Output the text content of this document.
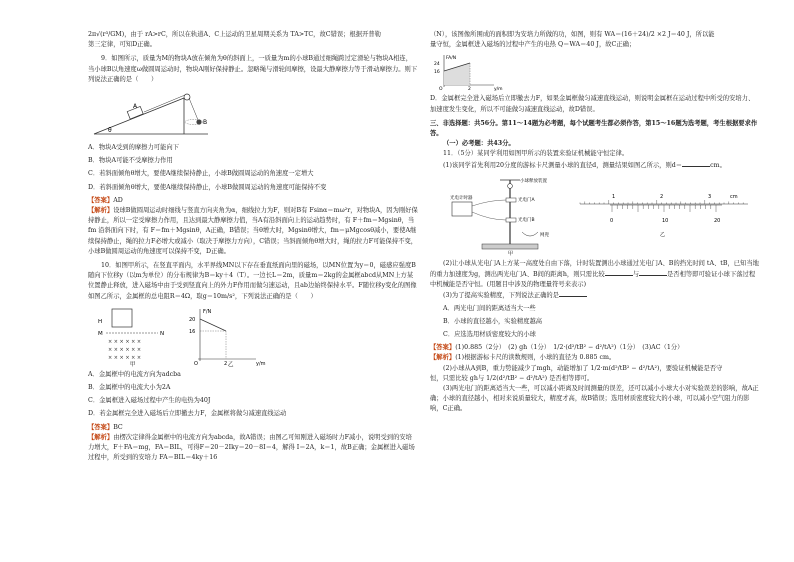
2π√(r³/GM)，由于 rA>rC，所以在轨道A、C上运动的卫星周期关系为 TA>TC，故C错误；根据开普勒

第三定律，可知D正确。

9．如图所示，质量为M的物块A放在倾角为θ的斜面上，一质量为m的小球B通过细绳跨过定滑轮与物块A相连，当小球B以角速度ω做圆周运动时，物块A刚好保持静止。忽略绳与滑轮间摩擦，设最大静摩擦力等于滑动摩擦力。则下列说法正确的是（　　）

A
B
θ

A．物块A受到的摩擦力可能向下

B．物块A可能不受摩擦力作用

C．若斜面倾角θ增大，要使A继续保持静止，小球B做圆周运动的角速度一定增大

D．若斜面倾角θ增大，要使A继续保持静止，小球B做圆周运动的角速度可能保持不变

【答案】AD

【解析】设球B做圆周运动时细线与竖直方向夹角为α，细线拉力为F，则对B有 Fsinα＝mω²r，对物块A，因为刚好保持静止，所以一定受摩擦力作用，且达到最大静摩擦力值，当A有沿斜面向上的运动趋势时，有 F＋fm＝Mgsinθ，当 fm 沿斜面向下时，有 F＝fm＋Mgsinθ，A正确，B错误；当θ增大时，Mgsinθ增大，fm＝μMgcosθ减小，要使A继续保持静止，绳的拉力F必增大或减小（取决于摩擦力方向），C错误；当斜面倾角θ增大时，绳的拉力F可能保持不变，小球B做圆周运动的角速度可以保持不变，D正确。

10．如图甲所示，在竖直平面内，水平界线MN以下存在垂直纸面向里的磁场，以MN位置为y＝0，磁感应强度B随向下位移y（以m为单位）的分布规律为B＝ky＋4（T）。一边长L＝2m，质量m＝2kg的金属框abcd从MN上方某位置静止释放，进入磁场中由于受到竖直向上的外力F作用而做匀速运动，且ab边始终保持水平。F随位移y变化的图像如图乙所示，金属框的总电阻R＝4Ω，取g＝10m/s²，下列说法正确的是（　　）

M	N
H
× × × × × ×
× × × × × ×
× × × × × ×
甲
F/N
y/m
20
16
2
O	乙

A．金属框中的电流方向为adcba

B．金属框中的电流大小为2A

C．金属框进入磁场过程中产生的电热为40J

D．若金属框完全进入磁场后立即撤去力F，金属框将做匀减速直线运动

【答案】BC

【解析】由楞次定律得金属框中的电流方向为abcda，故A错误；由图乙可知刚进入磁场时力F减小，说明受到的安培力增大，F＋FA＝mg，FA＝BIL，可得F＝20－2Iky＝20－8I＝4，解得 I＝2A，k＝1，故B正确；金属框进入磁场过程中，所受到的安培力 FA＝BIL＝4ky＋16

（N），该图像所围成的面积即为安培力所做的功，如图，则有 WA＝(16＋24)/2 ×2 J＝40 J，所以能

量守恒，金属框进入磁场的过程中产生的电热 Q＝WA＝40 J，故C正确；

FA/N
y/m
24
16
2
O

D．金属框完全进入磁场后立即撤去力F，如果金属框做匀减速直线运动，则说明金属框在运动过程中所受的安培力、加速度发生变化，所以不可能做匀减速直线运动，故D错误。

三、非选择题：共56分。第11～14题为必考题，每个试题考生都必须作答，第15～16题为选考题，考生根据要求作答。

（一）必考题：共43分。

11．（5分）某同学利用如图甲所示的装置来验证机械能守恒定律。

(1)该同学首先利用20分度的游标卡尺测量小球的直径d，测量结果如图乙所示，则d＝	cm。

小球释放装置
光电门A
光电门B
光电计时器
网兜
甲
1	2	3	cm
0	10	20
乙

(2)让小球从光电门A上方某一高度处自由下落，计时装置测出小球通过光电门A、B的挡光时间 tA、tB，已知当地的重力加速度为g，测出两光电门A、B间的距离h，则只需比较	与	是否相等即可验证小球下落过程中机械能是否守恒。(用题目中涉及的物理量符号来表示)

(3)为了提高实验精度，下列说法正确的是

A．两光电门间的距离适当大一些

B．小球的直径越小，实验精度越高

C．应选选用材质密度较大的小球

【答案】(1)0.885（2分）　(2) gh（1分）　1/2·(d²/tB² − d²/tA²)（1分）　(3)AC（1分）

【解析】(1)根据游标卡尺的读数规则，小球的直径为 0.885 cm。

(2)小球从A到B，重力势能减少了mgh，动能增加了 1/2·m(d²/tB² − d²/tA²)，要验证机械能是否守

恒，只需比较 gh与 1/2(d²/tB² − d²/tA²) 是否相等即可。

(3)两光电门的距离适当大一些，可以减小距离及时间测量的误差，还可以减小小球大小对实验误差的影响，故A正确；小球的直径越小，相对来说质量较大，精度才高，故B错误；选用材质密度较大的小球，可以减小空气阻力的影响，C正确。
